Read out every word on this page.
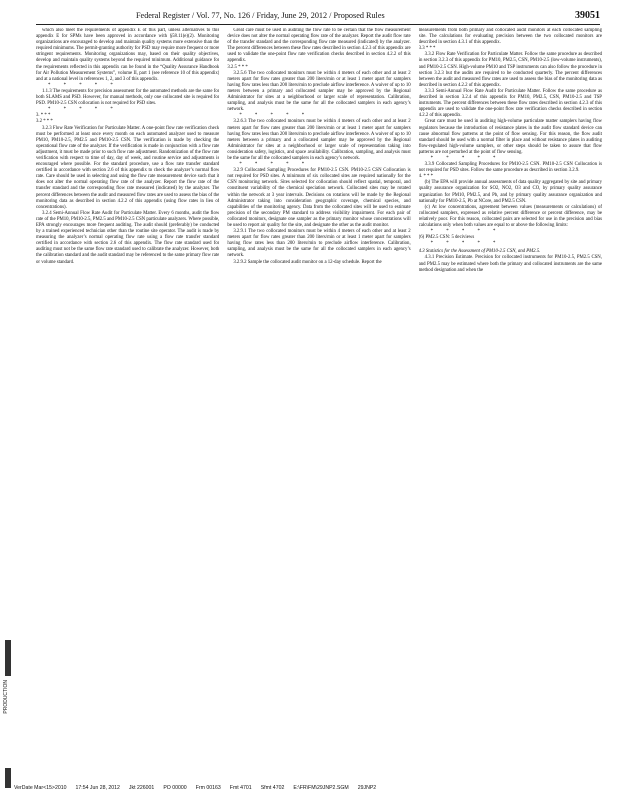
PRODUCTION
Federal Register / Vol. 77, No. 126 / Friday, June 29, 2012 / Proposed Rules	39051

which also meet the requirements of appendix E of this part, unless alternatives to this appendix E for SPMs have been approved in accordance with §58.11(e)(2). Monitoring organizations are encouraged to develop and maintain quality systems more extensive than the required minimums. The permit-granting authority for PSD may require more frequent or more stringent requirements. Monitoring organizations may, based on their quality objectives, develop and maintain quality systems beyond the required minimum. Additional guidance for the requirements reflected in this appendix can be found in the “Quality Assurance Handbook for Air Pollution Measurement Systems”, volume II, part 1 (see reference 10 of this appendix) and at a national level in references 1, 2, and 3 of this appendix.

* * * * *

1.1.3 The requirements for precision assessment for the automated methods are the same for both SLAMS and PSD. However, for manual methods, only one collocated site is required for PSD. PM10-2.5 CSN collocation is not required for PSD sites.

* * * * *

3. * * *

3.2 * * *

3.2.3 Flow Rate Verification for Particulate Matter. A one-point flow rate verification check must be performed at least once every month on each automated analyzer used to measure PM10, PM10-2.5, PM2.5 and PM10-2.5 CSN. The verification is made by checking the operational flow rate of the analyzer. If the verification is made in conjunction with a flow rate adjustment, it must be made prior to such flow rate adjustment. Randomization of the flow rate verification with respect to time of day, day of week, and routine service and adjustments is encouraged where possible. For the standard procedure, use a flow rate transfer standard certified in accordance with section 2.6 of this appendix to check the analyzer’s normal flow rate. Care should be used in selecting and using the flow rate measurement device such that it does not alter the normal operating flow rate of the analyzer. Report the flow rate of the transfer standard and the corresponding flow rate measured (indicated) by the analyzer. The percent differences between the audit and measured flow rates are used to assess the bias of the monitoring data as described in section 4.2.2 of this appendix (using flow rates in lieu of concentrations).

3.2.4 Semi-Annual Flow Rate Audit for Particulate Matter. Every 6 months, audit the flow rate of the PM10, PM10-2.5, PM2.5 and PM10-2.5 CSN particulate analyzers. Where possible, EPA strongly encourages more frequent auditing. The audit should (preferably) be conducted by a trained experienced technician other than the routine site operator. The audit is made by measuring the analyzer’s normal operating flow rate using a flow rate transfer standard certified in accordance with section 2.6 of this appendix. The flow rate standard used for auditing must not be the same flow rate standard used to calibrate the analyzer. However, both the calibration standard and the audit standard may be referenced to the same primary flow rate or volume standard.

Great care must be used in auditing the flow rate to be certain that the flow measurement device does not alter the normal operating flow rate of the analyzer. Report the audit flow rate of the transfer standard and the corresponding flow rate measured (indicated) by the analyzer. The percent differences between these flow rates described in section 4.2.3 of this appendix are used to validate the one-point flow rate verification checks described in section 4.2.2 of this appendix.

3.2.5 * * *

3.2.5.6 The two collocated monitors must be within 4 meters of each other and at least 2 meters apart for flow rates greater than 200 liters/min or at least 1 meter apart for samplers having flow rates less than 200 liters/min to preclude airflow interference. A waiver of up to 10 meters between a primary and collocated sampler may be approved by the Regional Administrator for sites at a neighborhood or larger scale of representation. Calibration, sampling, and analysis must be the same for all the collocated samplers in each agency’s network.

* * * * *

3.2.6.3 The two collocated monitors must be within 4 meters of each other and at least 2 meters apart for flow rates greater than 200 liters/min or at least 1 meter apart for samplers having flow rates less than 200 liters/min to preclude airflow interference. A waiver of up to 10 meters between a primary and a collocated sampler may be approved by the Regional Administrator for sites at a neighborhood or larger scale of representation taking into consideration safety, logistics, and space availability. Calibration, sampling, and analysis must be the same for all the collocated samplers in each agency’s network.

* * * * *

3.2.9 Collocated Sampling Procedures for PM10-2.5 CSN. PM10-2.5 CSN Collocation is not required for PSD sites. A minimum of six collocated sites are required nationally for the CSN monitoring network. Sites selected for collocation should reflect spatial, temporal, and constituent variability of the chemical speciation network. Collocated sites may be rotated within the network at 3 year intervals. Decisions on rotations will be made by the Regional Administrator taking into consideration geographic coverage, chemical species, and capabilities of the monitoring agency. Data from the collocated sites will be used to estimate precision of the secondary PM standard to address visibility impairment. For each pair of collocated monitors, designate one sampler as the primary monitor whose concentrations will be used to report air quality for the site, and designate the other as the audit monitor.

3.2.9.1 The two collocated monitors must be within 4 meters of each other and at least 2 meters apart for flow rates greater than 200 liters/min or at least 1 meter apart for samplers having flow rates less than 200 liters/min to preclude airflow interference. Calibration, sampling, and analysis must be the same for all the collocated samplers in each agency’s network.

3.2.9.2 Sample the collocated audit monitor on a 12-day schedule. Report the

measurements from both primary and collocated audit monitors at each collocated sampling site. The calculations for evaluating precision between the two collocated monitors are described in section 4.3.1 of this appendix.

3.3 * * *

3.3.2 Flow Rate Verification for Particulate Matter. Follow the same procedure as described in section 3.2.3 of this appendix for PM10, PM2.5, CSN, PM10-2.5 (low-volume instruments), and PM10-2.5 CSN. High-volume PM10 and TSP instruments can also follow the procedure in section 3.2.3 but the audits are required to be conducted quarterly. The percent differences between the audit and measured flow rates are used to assess the bias of the monitoring data as described in section 4.2.2 of this appendix.

3.3.3 Semi-Annual Flow Rate Audit for Particulate Matter. Follow the same procedure as described in section 3.2.4 of this appendix for PM10, PM2.5, CSN, PM10-2.5 and TSP instruments. The percent differences between these flow rates described in section 4.2.3 of this appendix are used to validate the one-point flow rate verification checks described in section 4.2.2 of this appendix.

Great care must be used in auditing high-volume particulate matter samplers having flow regulators because the introduction of resistance plates in the audit flow standard device can cause abnormal flow patterns at the point of flow sensing. For this reason, the flow audit standard should be used with a normal filter in place and without resistance plates in auditing flow-regulated high-volume samplers, or other steps should be taken to assure that flow patterns are not perturbed at the point of flow sensing.

* * * * *

3.3.9 Collocated Sampling Procedures for PM10-2.5 CSN. PM10-2.5 CSN Collocation is not required for PSD sites. Follow the same procedure as described in section 3.2.9.

4. * * *

(b) The EPA will provide annual assessments of data quality aggregated by site and primary quality assurance organization for SO2, NO2, O3 and CO, by primary quality assurance organization for PM10, PM2.5, and Pb, and by primary quality assurance organization and nationally for PM10-2.5, Pb at NCore, and PM2.5 CSN.

(c) At low concentrations, agreement between values (measurements or calculations) of collocated samplers, expressed as relative percent difference or percent difference, may be relatively poor. For this reason, collocated pairs are selected for use in the precision and bias calculations only when both values are equal to or above the following limits:

* * * * *

(6) PM2.5 CSN: 5 deciviews

* * * * *

4.3 Statistics for the Assessment of PM10-2.5 CSN, and PM2.5.

4.3.1 Precision Estimate. Precision for collocated instruments for PM10-2.5, PM2.5 CSN, and PM2.5 may be estimated where both the primary and collocated instruments are the same method designation and when the

VerDate Mar<15>2010 17:54 Jun 28, 2012 Jkt 226001 PO 00000 Frm 00163 Fmt 4701 Sfmt 4702 E:\FR\FM\29JNP2.SGM 29JNP2
